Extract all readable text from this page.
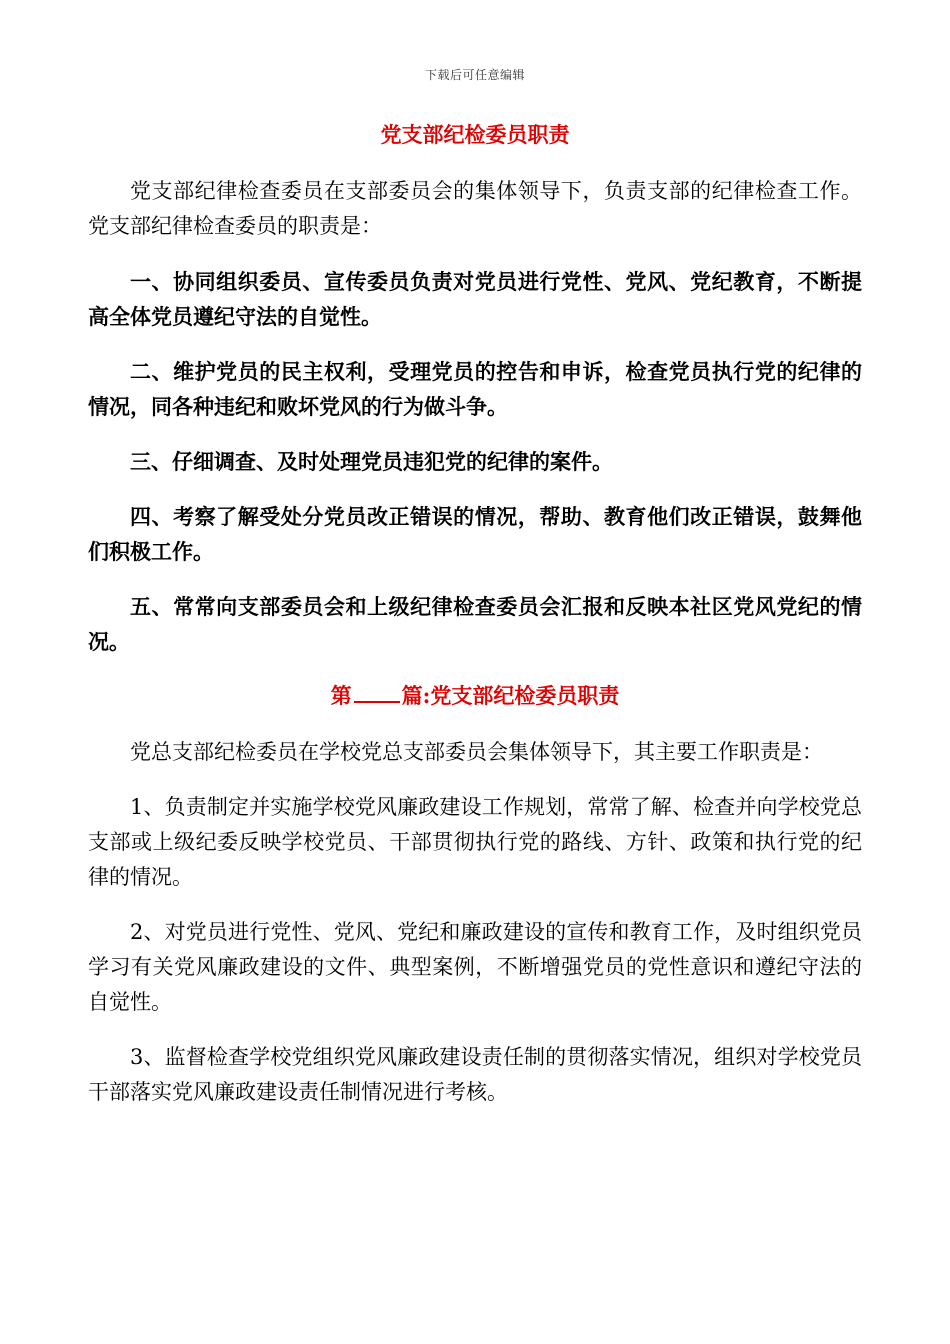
下载后可任意编辑
党支部纪检委员职责

党支部纪律检查委员在支部委员会的集体领导下，负责支部的纪律检查工作。党支部纪律检查委员的职责是：

一、协同组织委员、宣传委员负责对党员进行党性、党风、党纪教育，不断提高全体党员遵纪守法的自觉性。

二、维护党员的民主权利，受理党员的控告和申诉，检查党员执行党的纪律的情况，同各种违纪和败坏党风的行为做斗争。

三、仔细调查、及时处理党员违犯党的纪律的案件。

四、考察了解受处分党员改正错误的情况，帮助、教育他们改正错误，鼓舞他们积极工作。

五、常常向支部委员会和上级纪律检查委员会汇报和反映本社区党风党纪的情况。

第 篇:党支部纪检委员职责

党总支部纪检委员在学校党总支部委员会集体领导下，其主要工作职责是：

1、负责制定并实施学校党风廉政建设工作规划，常常了解、检查并向学校党总支部或上级纪委反映学校党员、干部贯彻执行党的路线、方针、政策和执行党的纪律的情况。

2、对党员进行党性、党风、党纪和廉政建设的宣传和教育工作，及时组织党员学习有关党风廉政建设的文件、典型案例，不断增强党员的党性意识和遵纪守法的自觉性。

3、监督检查学校党组织党风廉政建设责任制的贯彻落实情况，组织对学校党员干部落实党风廉政建设责任制情况进行考核。
